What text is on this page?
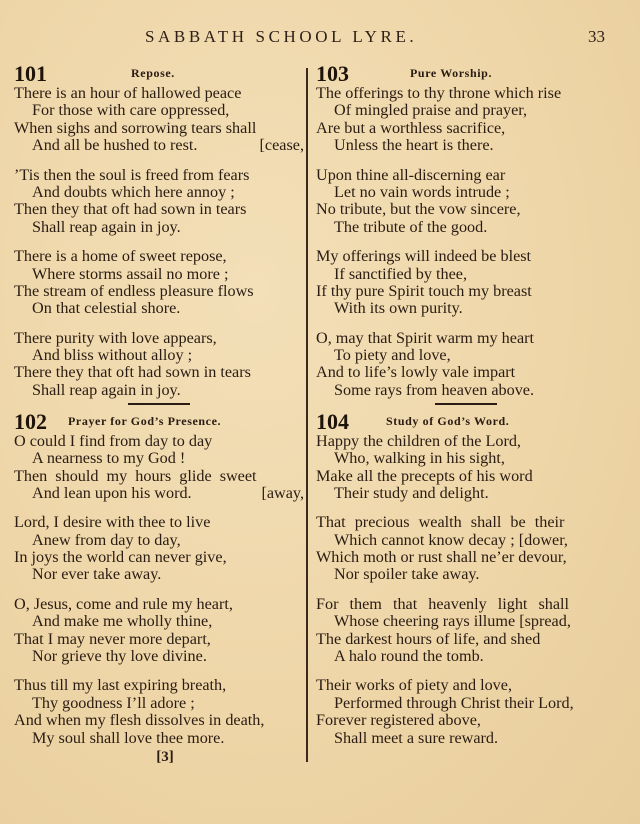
SABBATH SCHOOL LYRE.	33
101	Repose.
There is an hour of hallowed peace
For those with care oppressed,
When sighs and sorrowing tears shall
And all be hushed to rest.	[cease,
’Tis then the soul is freed from fears
And doubts which here annoy ;
Then they that oft had sown in tears
Shall reap again in joy.
There is a home of sweet repose,
Where storms assail no more ;
The stream of endless pleasure flows
On that celestial shore.
There purity with love appears,
And bliss without alloy ;
There they that oft had sown in tears
Shall reap again in joy.
102 Prayer for God’s Presence.
O could I find from day to day
A nearness to my God !
Then should my hours glide sweet
And lean upon his word.	[away,
Lord, I desire with thee to live
Anew from day to day,
In joys the world can never give,
Nor ever take away.
O, Jesus, come and rule my heart,
And make me wholly thine,
That I may never more depart,
Nor grieve thy love divine.
Thus till my last expiring breath,
Thy goodness I’ll adore ;
And when my flesh dissolves in death,
My soul shall love thee more.
[3]
103	Pure Worship.
The offerings to thy throne which rise
Of mingled praise and prayer,
Are but a worthless sacrifice,
Unless the heart is there.
Upon thine all-discerning ear
Let no vain words intrude ;
No tribute, but the vow sincere,
The tribute of the good.
My offerings will indeed be blest
If sanctified by thee,
If thy pure Spirit touch my breast
With its own purity.
O, may that Spirit warm my heart
To piety and love,
And to life’s lowly vale impart
Some rays from heaven above.
104	Study of God’s Word.
Happy the children of the Lord,
Who, walking in his sight,
Make all the precepts of his word
Their study and delight.
That precious wealth shall be their
Which cannot know decay ; [dower,
Which moth or rust shall ne’er devour,
Nor spoiler take away.
For them that heavenly light shall
Whose cheering rays illume [spread,
The darkest hours of life, and shed
A halo round the tomb.
Their works of piety and love,
Performed through Christ their Lord,
Forever registered above,
Shall meet a sure reward.
